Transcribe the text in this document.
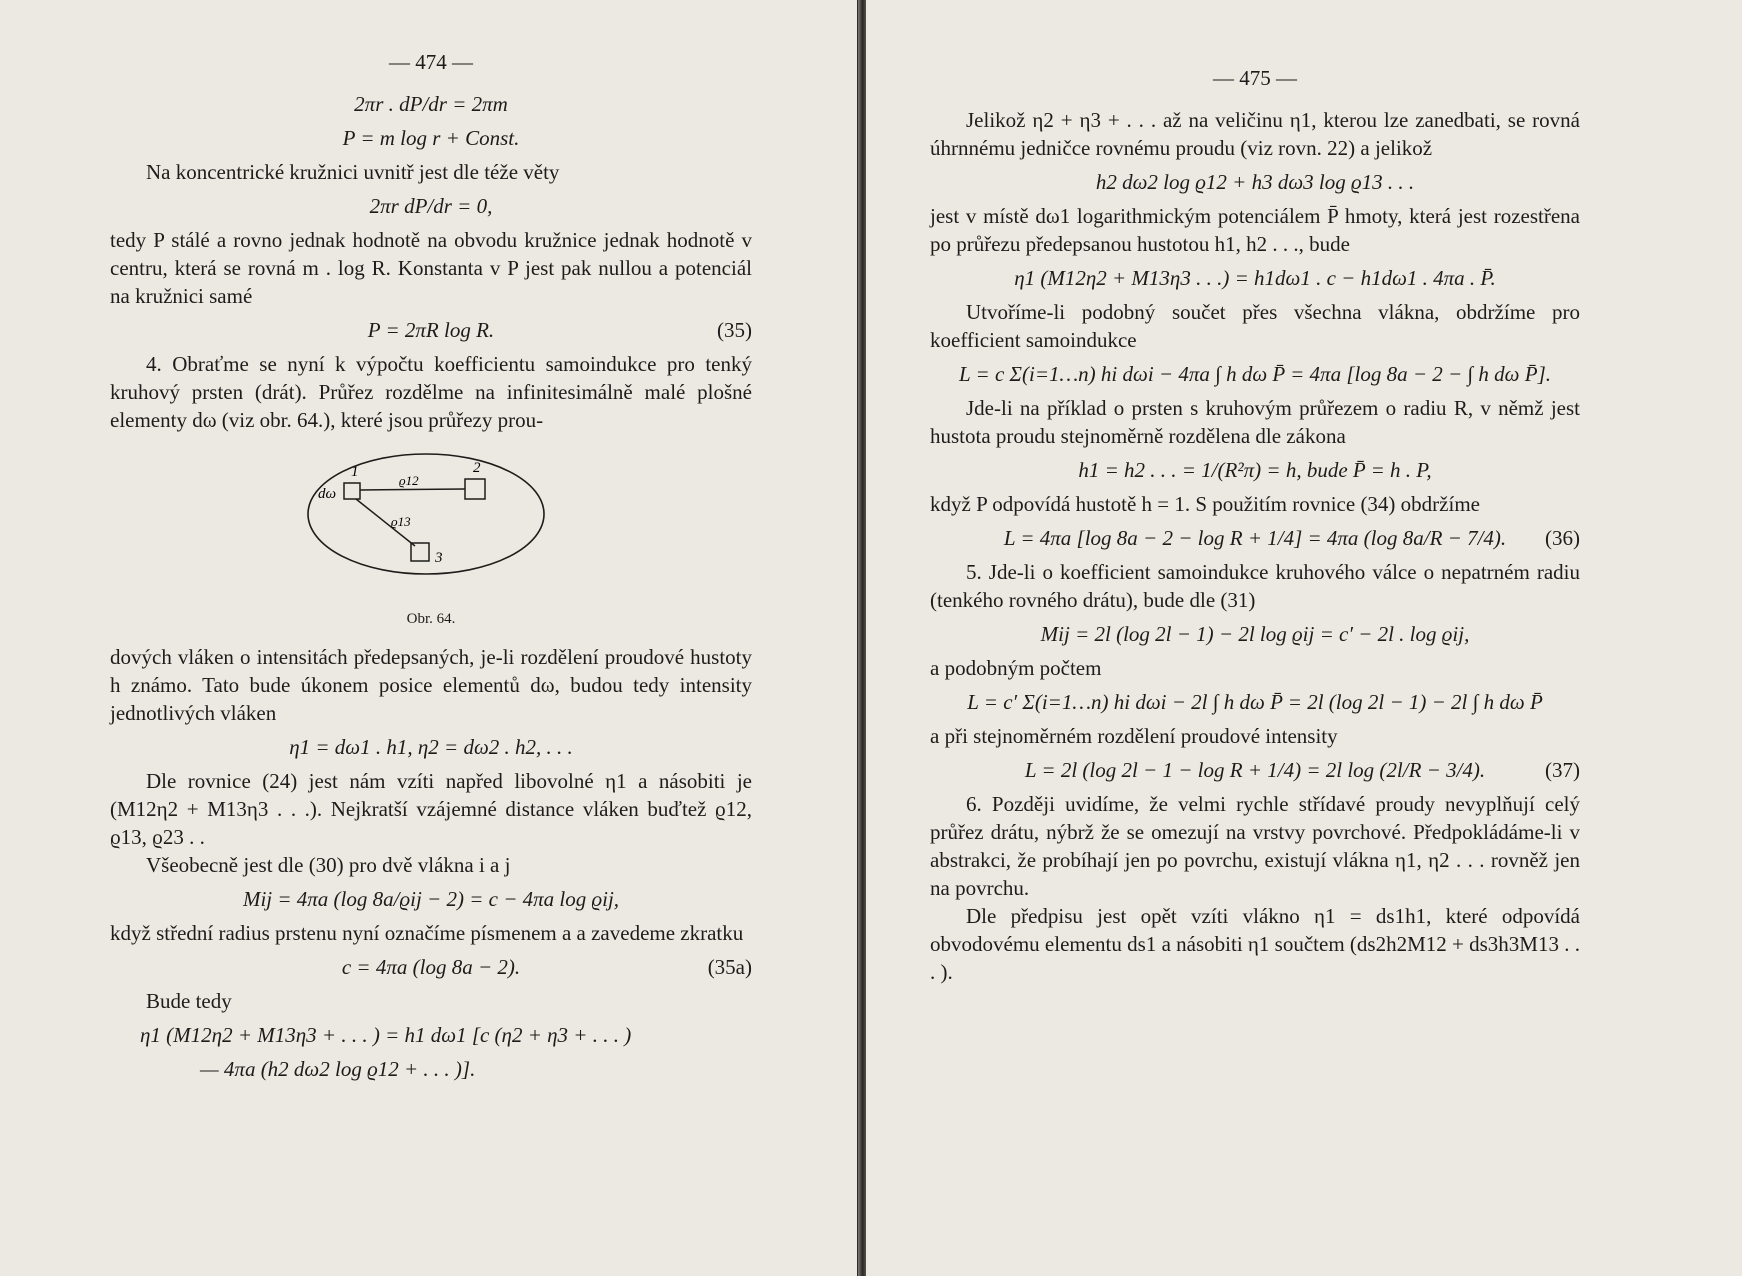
— 474 —
2πr . dP/dr = 2πm
P = m log r + Const.

Na koncentrické kružnici uvnitř jest dle téže věty

2πr dP/dr = 0,

tedy P stálé a rovno jednak hodnotě na obvodu kružnice jednak hodnotě v centru, která se rovná m . log R. Konstanta v P jest pak nullou a potenciál na kružnici samé

P = 2πR log R.	(35)

4. Obraťme se nyní k výpočtu koefficientu samoindukce pro tenký kruhový prsten (drát). Průřez rozdělme na infinitesimálně malé plošné elementy dω (viz obr. 64.), které jsou průřezy prou-

1	2
3
dω
ϱ12
ϱ13
Obr. 64.

dových vláken o intensitách předepsaných, je-li rozdělení proudové hustoty h známo. Tato bude úkonem posice elementů dω, budou tedy intensity jednotlivých vláken

η1 = dω1 . h1, η2 = dω2 . h2, . . .

Dle rovnice (24) jest nám vzíti napřed libovolné η1 a násobiti je (M12η2 + M13η3 . . .). Nejkratší vzájemné distance vláken buďtež ϱ12, ϱ13, ϱ23 . .

Všeobecně jest dle (30) pro dvě vlákna i a j

Mij = 4πa (log 8a/ϱij − 2) = c − 4πa log ϱij,

když střední radius prstenu nyní označíme písmenem a a zavedeme zkratku

c = 4πa (log 8a − 2).	(35a)

Bude tedy

η1 (M12η2 + M13η3 + . . . ) = h1 dω1 [c (η2 + η3 + . . . )
— 4πa (h2 dω2 log ϱ12 + . . . )].
— 475 —

Jelikož η2 + η3 + . . . až na veličinu η1, kterou lze zanedbati, se rovná úhrnnému jedničce rovnému proudu (viz rovn. 22) a jelikož

h2 dω2 log ϱ12 + h3 dω3 log ϱ13 . . .

jest v místě dω1 logarithmickým potenciálem P̄ hmoty, která jest rozestřena po průřezu předepsanou hustotou h1, h2 . . ., bude

η1 (M12η2 + M13η3 . . .) = h1dω1 . c − h1dω1 . 4πa . P̄.

Utvoříme-li podobný součet přes všechna vlákna, obdržíme pro koefficient samoindukce

L = c Σ(i=1…n) hi dωi − 4πa ∫ h dω P̄ = 4πa [log 8a − 2 − ∫ h dω P̄].

Jde-li na příklad o prsten s kruhovým průřezem o radiu R, v němž jest hustota proudu stejnoměrně rozdělena dle zákona

h1 = h2 . . . = 1/(R²π) = h, bude P̄ = h . P,

když P odpovídá hustotě h = 1. S použitím rovnice (34) obdržíme

L = 4πa [log 8a − 2 − log R + 1/4] = 4πa (log 8a/R − 7/4). (36)

5. Jde-li o koefficient samoindukce kruhového válce o nepatrném radiu (tenkého rovného drátu), bude dle (31)

Mij = 2l (log 2l − 1) − 2l log ϱij = c′ − 2l . log ϱij,

a podobným počtem

L = c′ Σ(i=1…n) hi dωi − 2l ∫ h dω P̄ = 2l (log 2l − 1) − 2l ∫ h dω P̄

a při stejnoměrném rozdělení proudové intensity

L = 2l (log 2l − 1 − log R + 1/4) = 2l log (2l/R − 3/4).	(37)

6. Později uvidíme, že velmi rychle střídavé proudy nevyplňují celý průřez drátu, nýbrž že se omezují na vrstvy povrchové. Předpokládáme-li v abstrakci, že probíhají jen po povrchu, existují vlákna η1, η2 . . . rovněž jen na povrchu.

Dle předpisu jest opět vzíti vlákno η1 = ds1h1, které odpovídá obvodovému elementu ds1 a násobiti η1 součtem (ds2h2M12 + ds3h3M13 . . . ).
